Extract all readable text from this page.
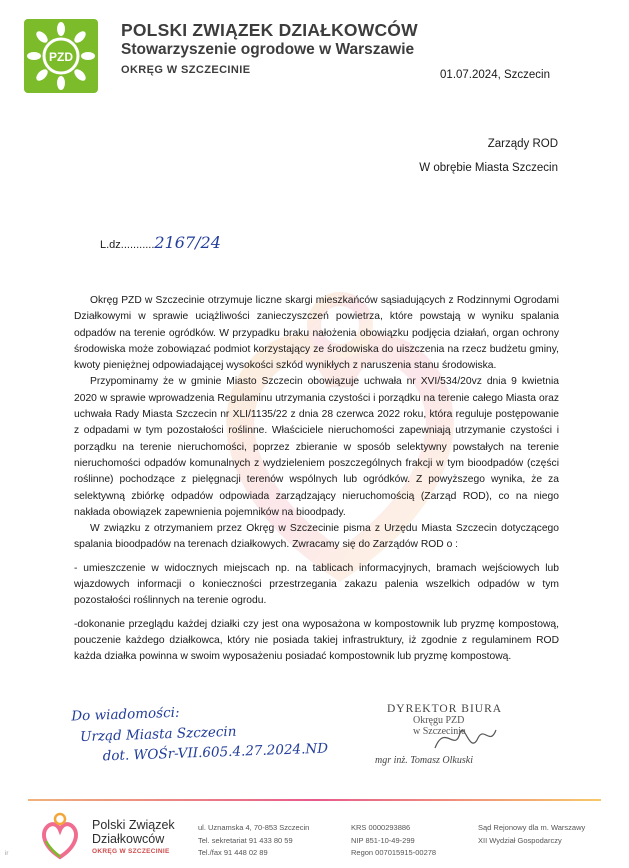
PZD
POLSKI ZWIĄZEK DZIAŁKOWCÓW
Stowarzyszenie ogrodowe w Warszawie
OKRĘG W SZCZECINIE	01.07.2024, Szczecin
Zarządy ROD
W obrębie Miasta Szczecin
L.dz...........2167/24

Okręg PZD w Szczecinie otrzymuje liczne skargi mieszkańców sąsiadujących z Rodzinnymi Ogrodami Działkowymi w sprawie uciążliwości zanieczyszczeń powietrza, które powstają w wyniku spalania odpadów na terenie ogródków. W przypadku braku nałożenia obowiązku podjęcia działań, organ ochrony środowiska może zobowiązać podmiot korzystający ze środowiska do uiszczenia na rzecz budżetu gminy, kwoty pieniężnej odpowiadającej wysokości szkód wynikłych z naruszenia stanu środowiska.

Przypominamy że w gminie Miasto Szczecin obowiązuje uchwała nr XVI/534/20vz dnia 9 kwietnia 2020 w sprawie wprowadzenia Regulaminu utrzymania czystości i porządku na terenie całego Miasta oraz uchwała Rady Miasta Szczecin nr XLI/1135/22 z dnia 28 czerwca 2022 roku, która reguluje postępowanie z odpadami w tym pozostałości roślinne. Właściciele nieruchomości zapewniają utrzymanie czystości i porządku na terenie nieruchomości, poprzez zbieranie w sposób selektywny powstałych na terenie nieruchomości odpadów komunalnych z wydzieleniem poszczególnych frakcji w tym bioodpadów (części roślinne) pochodzące z pielęgnacji terenów wspólnych lub ogródków. Z powyższego wynika, że za selektywną zbiórkę odpadów odpowiada zarządzający nieruchomością (Zarząd ROD), co na niego nakłada obowiązek zapewnienia pojemników na bioodpady.

W związku z otrzymaniem przez Okręg w Szczecinie pisma z Urzędu Miasta Szczecin dotyczącego spalania bioodpadów na terenach działkowych. Zwracamy się do Zarządów ROD o :

- umieszczenie w widocznych miejscach np. na tablicach informacyjnych, bramach wejściowych lub wjazdowych informacji o konieczności przestrzegania zakazu palenia wszelkich odpadów w tym pozostałości roślinnych na terenie ogrodu.

-dokonanie przeglądu każdej działki czy jest ona wyposażona w kompostownik lub pryzmę kompostową, pouczenie każdego działkowca, który nie posiada takiej infrastruktury, iż zgodnie z regulaminem ROD każda działka powinna w swoim wyposażeniu posiadać kompostownik lub pryzmę kompostową.

Do wiadomości:
Urząd Miasta Szczecin
dot. WOŚr-VII.605.4.27.2024.ND
DYREKTOR BIURA
Okręgu PZD
w Szczecinie
mgr inż. Tomasz Olkuski
Polski Związek
Działkowców
OKRĘG W SZCZECINIE
ul. Uznamska 4, 70-853 Szczecin
Tel. sekretariat 91 433 80 59
Tel./fax 91 448 02 89
KRS 0000293886
NIP 851-10-49-299
Regon 007015915-00278
Sąd Rejonowy dla m. Warszawy
XII Wydział Gospodarczy
ir
